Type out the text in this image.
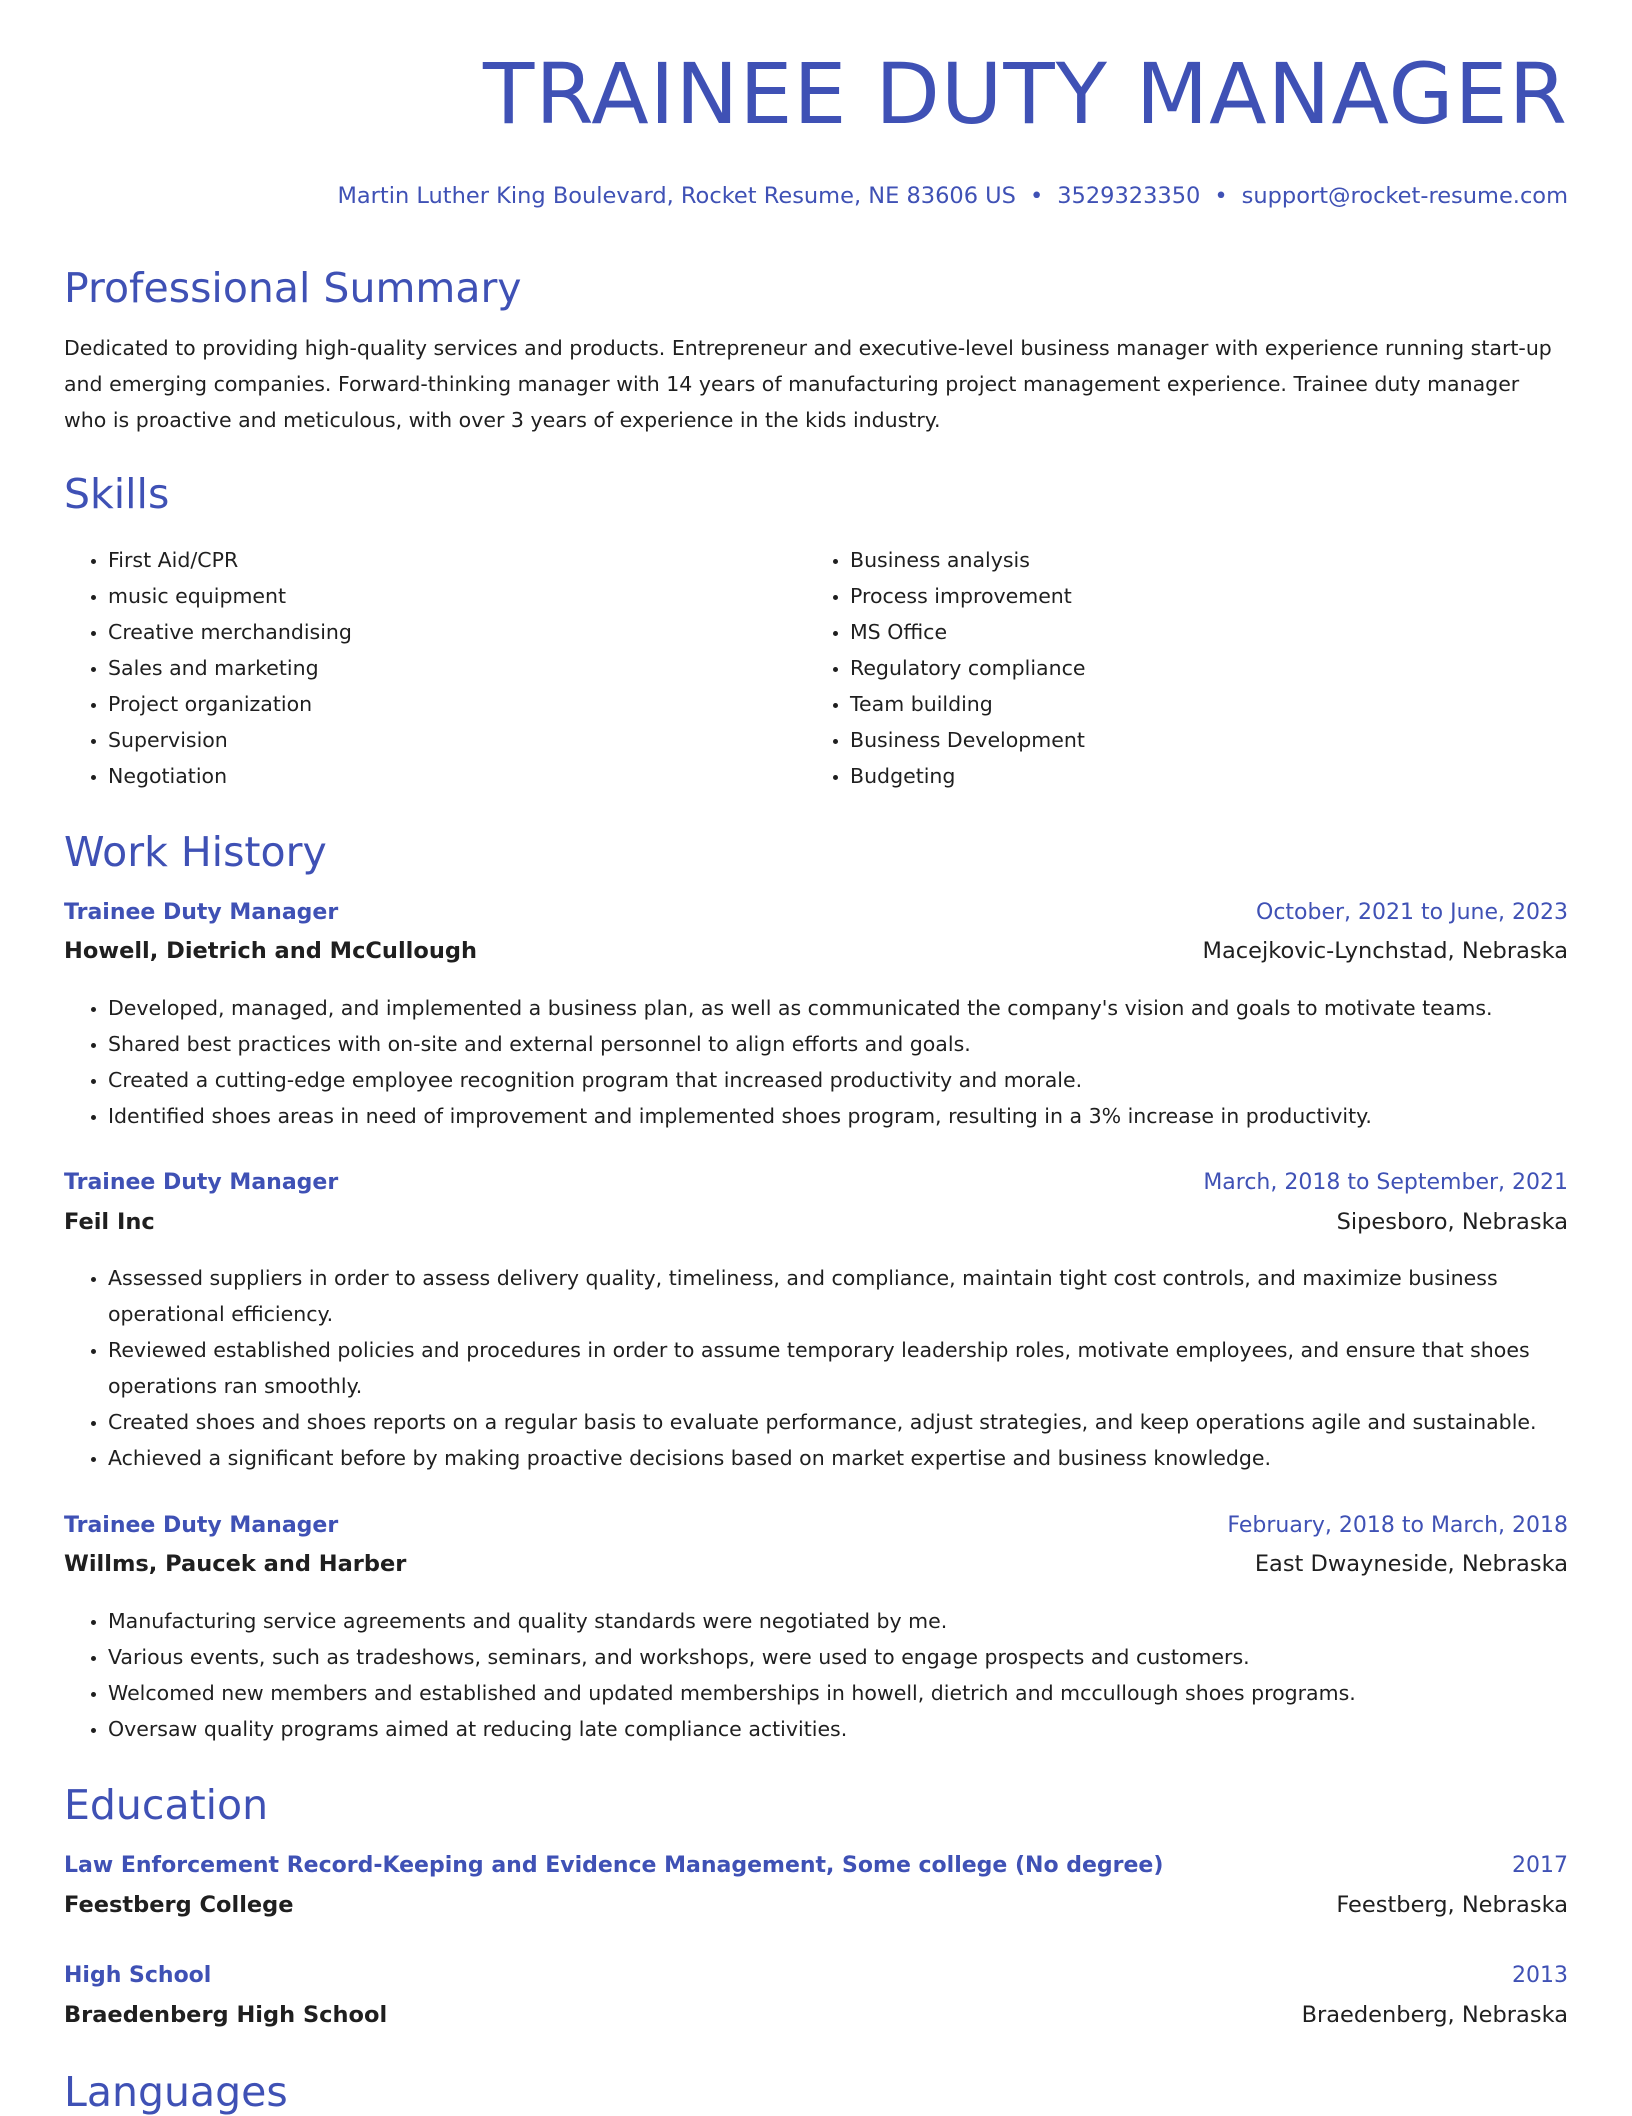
TRAINEE DUTY MANAGER
Martin Luther King Boulevard, Rocket Resume, NE 83606 US • 3529323350 • support@rocket-resume.com
Professional Summary

Dedicated to providing high-quality services and products. Entrepreneur and executive-level business manager with experience running start-up and emerging companies. Forward-thinking manager with 14 years of manufacturing project management experience. Trainee duty manager who is proactive and meticulous, with over 3 years of experience in the kids industry.

Skills
• First Aid/CPR
• music equipment
• Creative merchandising
• Sales and marketing
• Project organization
• Supervision
• Negotiation
• Business analysis
• Process improvement
• MS Office
• Regulatory compliance
• Team building
• Business Development
• Budgeting
Work History
Trainee Duty Manager	October, 2021 to June, 2023
Howell, Dietrich and McCullough	Macejkovic-Lynchstad, Nebraska
• Developed, managed, and implemented a business plan, as well as communicated the company's vision and goals to motivate teams.
• Shared best practices with on-site and external personnel to align efforts and goals.
• Created a cutting-edge employee recognition program that increased productivity and morale.
• Identified shoes areas in need of improvement and implemented shoes program, resulting in a 3% increase in productivity.
Trainee Duty Manager	March, 2018 to September, 2021
Feil Inc	Sipesboro, Nebraska
• Assessed suppliers in order to assess delivery quality, timeliness, and compliance, maintain tight cost controls, and maximize business operational efficiency.
• Reviewed established policies and procedures in order to assume temporary leadership roles, motivate employees, and ensure that shoes operations ran smoothly.
• Created shoes and shoes reports on a regular basis to evaluate performance, adjust strategies, and keep operations agile and sustainable.
• Achieved a significant before by making proactive decisions based on market expertise and business knowledge.
Trainee Duty Manager	February, 2018 to March, 2018
Willms, Paucek and Harber	East Dwayneside, Nebraska
• Manufacturing service agreements and quality standards were negotiated by me.
• Various events, such as tradeshows, seminars, and workshops, were used to engage prospects and customers.
• Welcomed new members and established and updated memberships in howell, dietrich and mccullough shoes programs.
• Oversaw quality programs aimed at reducing late compliance activities.
Education
Law Enforcement Record-Keeping and Evidence Management, Some college (No degree)	2017
Feestberg College	Feestberg, Nebraska
High School	2013
Braedenberg High School	Braedenberg, Nebraska
Languages
